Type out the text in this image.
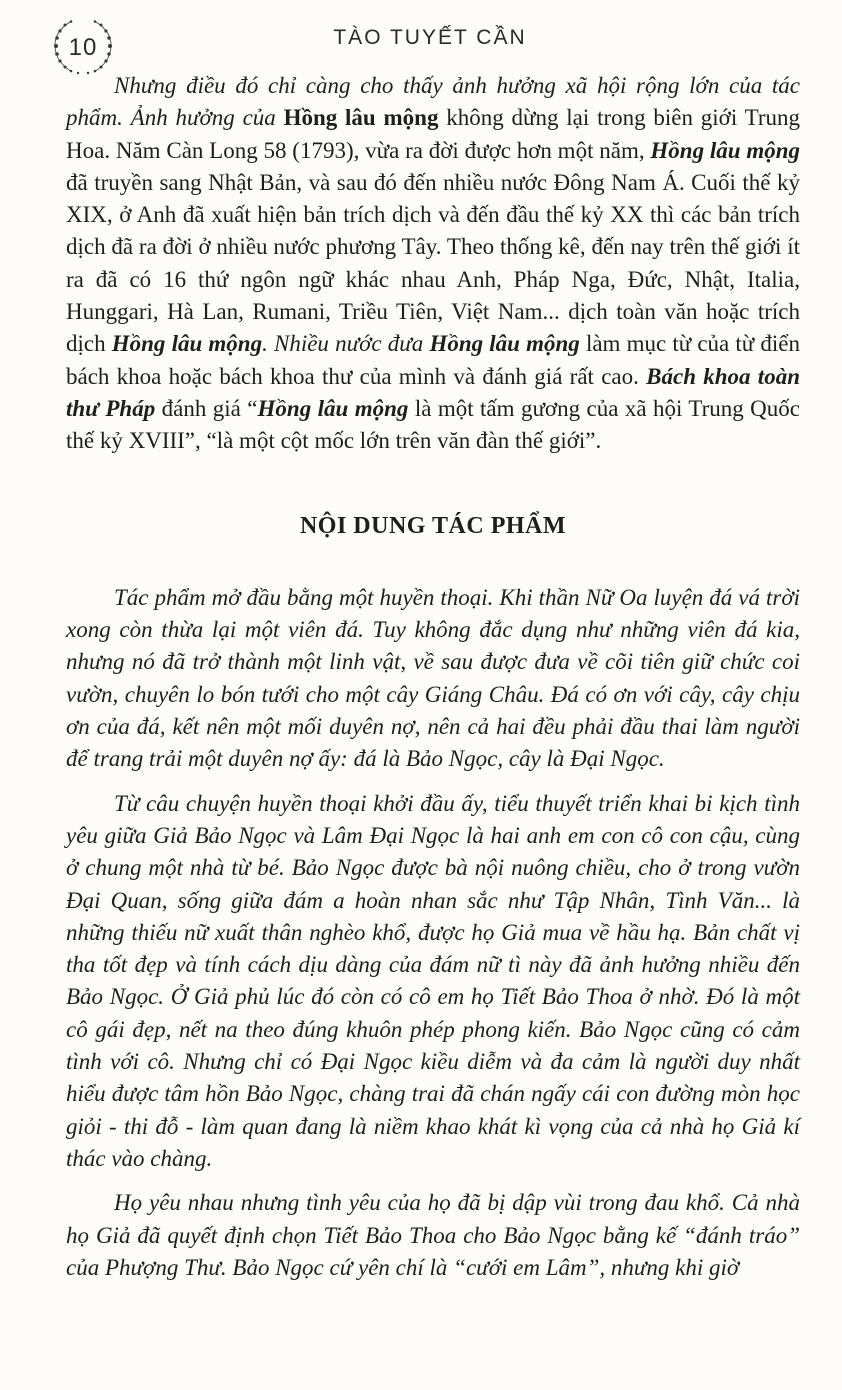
10	TÀO TUYẾT CẦN

Nhưng điều đó chỉ càng cho thấy ảnh hưởng xã hội rộng lớn của tác phẩm. Ảnh hưởng của Hồng lâu mộng không dừng lại trong biên giới Trung Hoa. Năm Càn Long 58 (1793), vừa ra đời được hơn một năm, Hồng lâu mộng đã truyền sang Nhật Bản, và sau đó đến nhiều nước Đông Nam Á. Cuối thế kỷ XIX, ở Anh đã xuất hiện bản trích dịch và đến đầu thế kỷ XX thì các bản trích dịch đã ra đời ở nhiều nước phương Tây. Theo thống kê, đến nay trên thế giới ít ra đã có 16 thứ ngôn ngữ khác nhau Anh, Pháp Nga, Đức, Nhật, Italia, Hunggari, Hà Lan, Rumani, Triều Tiên, Việt Nam... dịch toàn văn hoặc trích dịch Hồng lâu mộng. Nhiều nước đưa Hồng lâu mộng làm mục từ của từ điển bách khoa hoặc bách khoa thư của mình và đánh giá rất cao. Bách khoa toàn thư Pháp đánh giá “Hồng lâu mộng là một tấm gương của xã hội Trung Quốc thế kỷ XVIII”, “là một cột mốc lớn trên văn đàn thế giới”.

NỘI DUNG TÁC PHẨM

Tác phẩm mở đầu bằng một huyền thoại. Khi thần Nữ Oa luyện đá vá trời xong còn thừa lại một viên đá. Tuy không đắc dụng như những viên đá kia, nhưng nó đã trở thành một linh vật, về sau được đưa về cõi tiên giữ chức coi vườn, chuyên lo bón tưới cho một cây Giáng Châu. Đá có ơn với cây, cây chịu ơn của đá, kết nên một mối duyên nợ, nên cả hai đều phải đầu thai làm người để trang trải một duyên nợ ấy: đá là Bảo Ngọc, cây là Đại Ngọc.

Từ câu chuyện huyền thoại khởi đầu ấy, tiểu thuyết triển khai bi kịch tình yêu giữa Giả Bảo Ngọc và Lâm Đại Ngọc là hai anh em con cô con cậu, cùng ở chung một nhà từ bé. Bảo Ngọc được bà nội nuông chiều, cho ở trong vườn Đại Quan, sống giữa đám a hoàn nhan sắc như Tập Nhân, Tình Văn... là những thiếu nữ xuất thân nghèo khổ, được họ Giả mua về hầu hạ. Bản chất vị tha tốt đẹp và tính cách dịu dàng của đám nữ tì này đã ảnh hưởng nhiều đến Bảo Ngọc. Ở Giả phủ lúc đó còn có cô em họ Tiết Bảo Thoa ở nhờ. Đó là một cô gái đẹp, nết na theo đúng khuôn phép phong kiến. Bảo Ngọc cũng có cảm tình với cô. Nhưng chỉ có Đại Ngọc kiều diễm và đa cảm là người duy nhất hiểu được tâm hồn Bảo Ngọc, chàng trai đã chán ngấy cái con đường mòn học giỏi - thi đỗ - làm quan đang là niềm khao khát kì vọng của cả nhà họ Giả kí thác vào chàng.

Họ yêu nhau nhưng tình yêu của họ đã bị dập vùi trong đau khổ. Cả nhà họ Giả đã quyết định chọn Tiết Bảo Thoa cho Bảo Ngọc bằng kế “đánh tráo” của Phượng Thư. Bảo Ngọc cứ yên chí là “cưới em Lâm”, nhưng khi giờ
